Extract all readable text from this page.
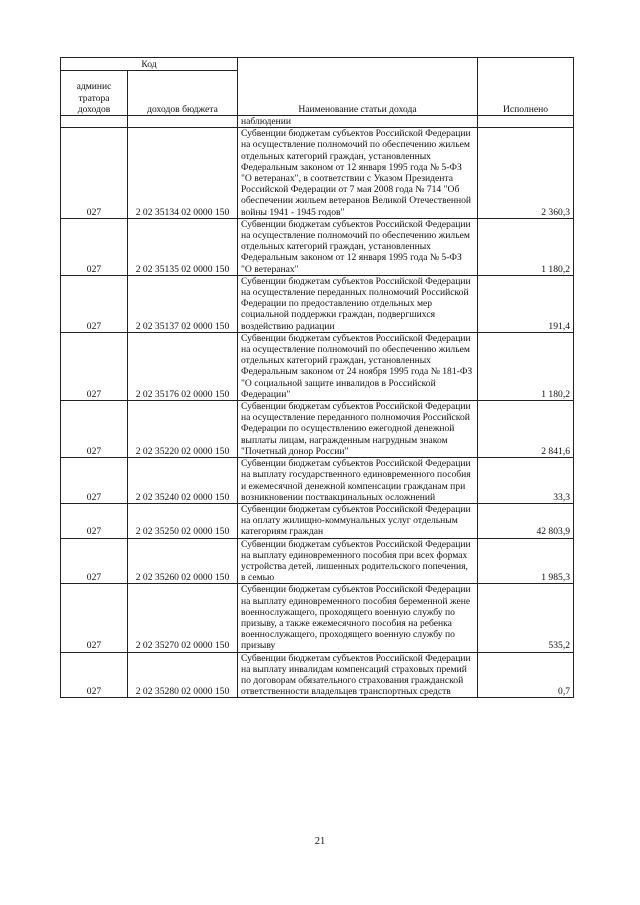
Код		Наименование статьи дохода	Исполнено
админис тратора доходов	доходов бюджета		
		наблюдении	
027	2 02 35134 02 0000 150	Субвенции бюджетам субъектов Российской Федерации на осуществление полномочий по обеспечению жильем отдельных категорий граждан, установленных Федеральным законом от 12 января 1995 года № 5-ФЗ "О ветеранах", в соответствии с Указом Президента Российской Федерации от 7 мая 2008 года № 714 "Об обеспечении жильем ветеранов Великой Отечественной войны 1941 - 1945 годов"	2 360,3
027	2 02 35135 02 0000 150	Субвенции бюджетам субъектов Российской Федерации на осуществление полномочий по обеспечению жильем отдельных категорий граждан, установленных Федеральным законом от 12 января 1995 года № 5-ФЗ "О ветеранах"	1 180,2
027	2 02 35137 02 0000 150	Субвенции бюджетам субъектов Российской Федерации на осуществление переданных полномочий Российской Федерации по предоставлению отдельных мер социальной поддержки граждан, подвергшихся воздействию радиации	191,4
027	2 02 35176 02 0000 150	Субвенции бюджетам субъектов Российской Федерации на осуществление полномочий по обеспечению жильем отдельных категорий граждан, установленных Федеральным законом от 24 ноября 1995 года № 181-ФЗ "О социальной защите инвалидов в Российской Федерации"	1 180,2
027	2 02 35220 02 0000 150	Субвенции бюджетам субъектов Российской Федерации на осуществление переданного полномочия Российской Федерации по осуществлению ежегодной денежной выплаты лицам, награжденным нагрудным знаком "Почетный донор России"	2 841,6
027	2 02 35240 02 0000 150	Субвенции бюджетам субъектов Российской Федерации на выплату государственного единовременного пособия и ежемесячной денежной компенсации гражданам при возникновении поствакцинальных осложнений	33,3
027	2 02 35250 02 0000 150	Субвенции бюджетам субъектов Российской Федерации на оплату жилищно-коммунальных услуг отдельным категориям граждан	42 803,9
027	2 02 35260 02 0000 150	Субвенции бюджетам субъектов Российской Федерации на выплату единовременного пособия при всех формах устройства детей, лишенных родительского попечения, в семью	1 985,3
027	2 02 35270 02 0000 150	Субвенции бюджетам субъектов Российской Федерации на выплату единовременного пособия беременной жене военнослужащего, проходящего военную службу по призыву, а также ежемесячного пособия на ребенка военнослужащего, проходящего военную службу по призыву	535,2
027	2 02 35280 02 0000 150	Субвенции бюджетам субъектов Российской Федерации на выплату инвалидам компенсаций страховых премий по договорам обязательного страхования гражданской ответственности владельцев транспортных средств	0,7
21
